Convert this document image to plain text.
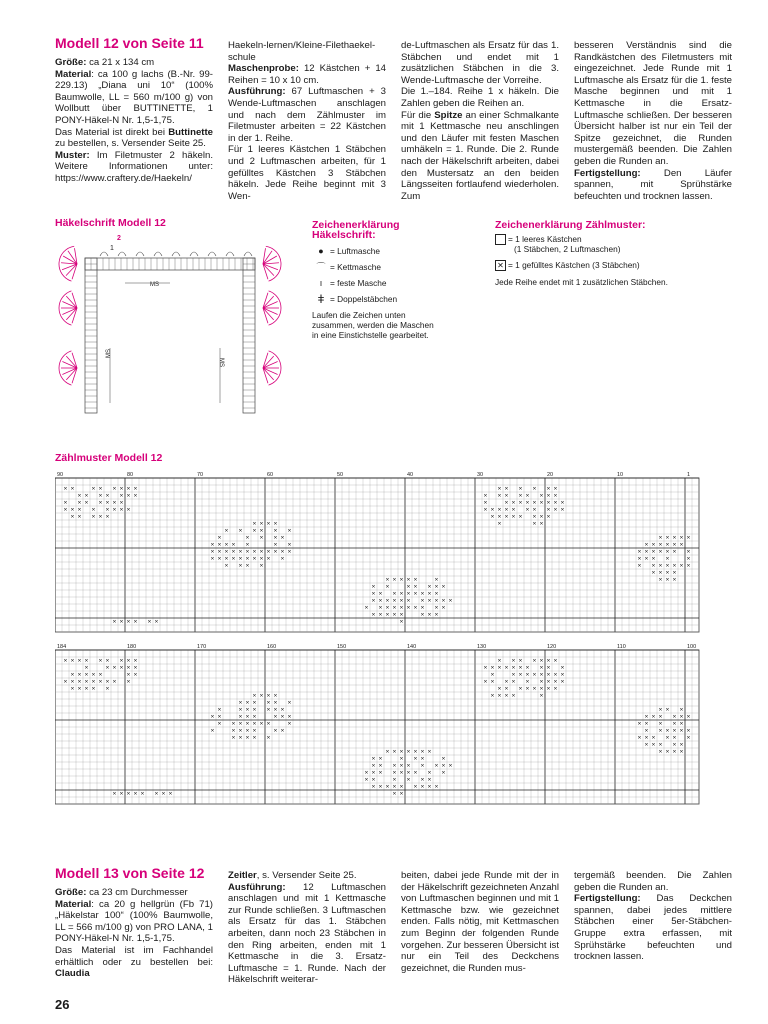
Modell 12 von Seite 11

Größe: ca 21 x 134 cm

Material: ca 100 g lachs (B.-Nr. 99-229.13) „Diana uni 10“ (100% Baumwolle, LL = 560 m/100 g) von Wollbutt über BUTTINETTE, 1 PONY-Häkel-N Nr. 1,5-1,75.

Das Material ist direkt bei Buttinette zu bestellen, s. Versender Seite 25.

Muster: Im Filetmuster 2 häkeln. Weitere Informationen unter: https://www.craftery.de/Haekeln/

Haekeln-lernen/Kleine-Filethaekel-schule

Maschenprobe: 12 Kästchen + 14 Reihen = 10 x 10 cm.

Ausführung: 67 Luftmaschen + 3 Wende-Luftmaschen anschlagen und nach dem Zählmuster im Filetmuster arbeiten = 22 Kästchen in der 1. Reihe.

Für 1 leeres Kästchen 1 Stäbchen und 2 Luftmaschen arbeiten, für 1 gefülltes Kästchen 3 Stäbchen häkeln. Jede Reihe beginnt mit 3 Wen-

de-Luftmaschen als Ersatz für das 1. Stäbchen und endet mit 1 zusätzlichen Stäbchen in die 3. Wende-Luftmasche der Vorreihe.

Die 1.–184. Reihe 1 x häkeln. Die Zahlen geben die Reihen an.

Für die Spitze an einer Schmalkante mit 1 Kettmasche neu anschlingen und den Läufer mit festen Maschen umhäkeln = 1. Runde. Die 2. Runde nach der Häkelschrift arbeiten, dabei den Mustersatz an den beiden Längsseiten fortlaufend wiederholen. Zum

besseren Verständnis sind die Randkästchen des Filetmusters mit eingezeichnet. Jede Runde mit 1 Luftmasche als Ersatz für die 1. feste Masche beginnen und mit 1 Kettmasche in die Ersatz-Luftmasche schließen. Der besseren Übersicht halber ist nur ein Teil der Spitze gezeichnet, die Runden mustergemäß beenden. Die Zahlen geben die Runden an.

Fertigstellung: Den Läufer spannen, mit Sprühstärke befeuchten und trocknen lassen.

Häkelschrift Modell 12
MS
MS
MS
2
1
Zeichenerklärung
Häkelschrift:
● = Luftmasche
⌒ = Kettmasche
ı = feste Masche
ǂ = Doppelstäbchen
Laufen die Zeichen unten zusammen, werden die Maschen in eine Einstichstelle gearbeitet.
Zeichenerklärung Zählmuster:
= 1 leeres Kästchen
(1 Stäbchen, 2 Luftmaschen)
✕ = 1 gefülltes Kästchen (3 Stäbchen)
Jede Reihe endet mit 1 zusätzlichen Stäbchen.
Zählmuster Modell 12
90	80	70	60	50	40	30	20	10	1
× ×	× × × × × ×	× × × × × ×
× × × × × × ×	× × × × × × × ×
× × × × × × ×	×	× × × × × × × × ×
× × × × × × × ×	× × × × × × × × × ×
× × × × ×	× × × × × × × ×
× × × ×	×	× ×
× × × × × ×
×	× × × ×	× × × × ×
× × × × ×	× ×	× × × × × ×
× × × × × × × × × × × ×	× × × × × × ×
× × × × × × × × × ×	× × × ×	×
× × × ×	× × × × × × ×
× × × ×
× × × × ×	×	× × ×
× ×	× × × × ×
× × × × × × × × ×
× × × × × × × × × × ×
× × × × × × × × × ×
× × × × ×	× × ×
× × × × × ×	×
184	180	170	160	150	140	130	120	110	100
× × × × × × × × ×	× × × × × × ×
×	× × × × ×	× × × × × × × × × ×
× × × × ×	× ×	×	× × × × × × × ×
× × × × × × × × ×	× × × × × × × × ×
× × × × ×	× × × × × × × ×
× × × ×	× × × ×	×
× × × × × ×
×	× × × × × ×	× × ×
× ×	× × ×	× × ×	× × × × × ×
× × × × × × ×	×	× × × × ×
×	× × × ×	× ×	× × × × × ×
× × × × ×	× × × × × ×
× × × × ×
× × × × × × ×	× × × ×
× ×	× × ×	×
× × × × × × × × ×
× × × × × × × × ×
× ×	× × × ×
× × × × × × × × ×
× × × × × × × ×	× ×
Modell 13 von Seite 12

Größe: ca 23 cm Durchmesser

Material: ca 20 g hellgrün (Fb 71) „Häkelstar 100“ (100% Baumwolle, LL = 566 m/100 g) von PRO LANA, 1 PONY-Häkel-N Nr. 1,5-1,75.

Das Material ist im Fachhandel erhältlich oder zu bestellen bei: Claudia

Zeitler, s. Versender Seite 25.

Ausführung: 12 Luftmaschen anschlagen und mit 1 Kettmasche zur Runde schließen. 3 Luftmaschen als Ersatz für das 1. Stäbchen arbeiten, dann noch 23 Stäbchen in den Ring arbeiten, enden mit 1 Kettmasche in die 3. Ersatz-Luftmasche = 1. Runde. Nach der Häkelschrift weiterar-

beiten, dabei jede Runde mit der in der Häkelschrift gezeichneten Anzahl von Luftmaschen beginnen und mit 1 Kettmasche bzw. wie gezeichnet enden. Falls nötig, mit Kettmaschen zum Beginn der folgenden Runde vorgehen. Zur besseren Übersicht ist nur ein Teil des Deckchens gezeichnet, die Runden mus-

tergemäß beenden. Die Zahlen geben die Runden an.

Fertigstellung: Das Deckchen spannen, dabei jedes mittlere Stäbchen einer 5er-Stäbchen-Gruppe extra erfassen, mit Sprühstärke befeuchten und trocknen lassen.

26
